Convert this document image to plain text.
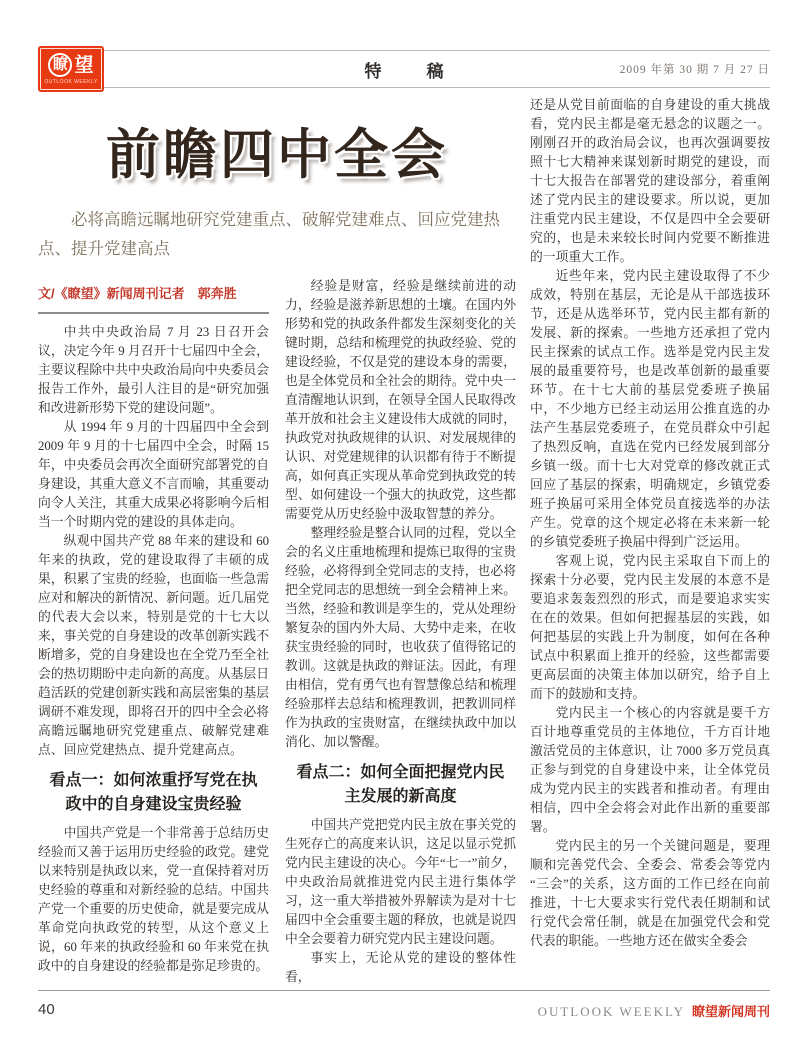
瞭 望
OUTLOOK WEEKLY
特　稿	2009 年第 30 期 7 月 27 日
前瞻四中全会

必将高瞻远瞩地研究党建重点、破解党建难点、回应党建热点、提升党建高点

文/《瞭望》新闻周刊记者　郭奔胜

中共中央政治局 7 月 23 日召开会议，决定今年 9 月召开十七届四中全会，主要议程除中共中央政治局向中央委员会报告工作外，最引人注目的是“研究加强和改进新形势下党的建设问题”。

从 1994 年 9 月的十四届四中全会到 2009 年 9 月的十七届四中全会，时隔 15 年，中央委员会再次全面研究部署党的自身建设，其重大意义不言而喻，其重要动向令人关注，其重大成果必将影响今后相当一个时期内党的建设的具体走向。

纵观中国共产党 88 年来的建设和 60 年来的执政，党的建设取得了丰硕的成果，积累了宝贵的经验，也面临一些急需应对和解决的新情况、新问题。近几届党的代表大会以来，特别是党的十七大以来，事关党的自身建设的改革创新实践不断增多，党的自身建设也在全党乃至全社会的热切期盼中走向新的高度。从基层日趋活跃的党建创新实践和高层密集的基层调研不难发现，即将召开的四中全会必将高瞻远瞩地研究党建重点、破解党建难点、回应党建热点、提升党建高点。

看点一：如何浓重抒写党在执政中的自身建设宝贵经验

中国共产党是一个非常善于总结历史经验而又善于运用历史经验的政党。建党以来特别是执政以来，党一直保持着对历史经验的尊重和对新经验的总结。中国共产党一个重要的历史使命，就是要完成从革命党向执政党的转型，从这个意义上说，60 年来的执政经验和 60 年来党在执政中的自身建设的经验都是弥足珍贵的。

经验是财富，经验是继续前进的动力，经验是滋养新思想的土壤。在国内外形势和党的执政条件都发生深刻变化的关键时期，总结和梳理党的执政经验、党的建设经验，不仅是党的建设本身的需要，也是全体党员和全社会的期待。党中央一直清醒地认识到，在领导全国人民取得改革开放和社会主义建设伟大成就的同时，执政党对执政规律的认识、对发展规律的认识、对党建规律的认识都有待于不断提高，如何真正实现从革命党到执政党的转型、如何建设一个强大的执政党，这些都需要党从历史经验中汲取智慧的养分。

整理经验是整合认同的过程，党以全会的名义庄重地梳理和提炼已取得的宝贵经验，必将得到全党同志的支持，也必将把全党同志的思想统一到全会精神上来。当然，经验和教训是孪生的，党从处理纷繁复杂的国内外大局、大势中走来，在收获宝贵经验的同时，也收获了值得铭记的教训。这就是执政的辩证法。因此，有理由相信，党有勇气也有智慧像总结和梳理经验那样去总结和梳理教训，把教训同样作为执政的宝贵财富，在继续执政中加以消化、加以警醒。

看点二：如何全面把握党内民主发展的新高度

中国共产党把党内民主放在事关党的生死存亡的高度来认识，这足以显示党抓党内民主建设的决心。今年“七一”前夕，中央政治局就推进党内民主进行集体学习，这一重大举措被外界解读为是对十七届四中全会重要主题的释放，也就是说四中全会要着力研究党内民主建设问题。

事实上，无论从党的建设的整体性看，

还是从党目前面临的自身建设的重大挑战看，党内民主都是毫无悬念的议题之一。刚刚召开的政治局会议，也再次强调要按照十七大精神来谋划新时期党的建设，而十七大报告在部署党的建设部分，着重阐述了党内民主的建设要求。所以说，更加注重党内民主建设，不仅是四中全会要研究的，也是未来较长时间内党要不断推进的一项重大工作。

近些年来，党内民主建设取得了不少成效，特别在基层，无论是从干部选拔环节，还是从选举环节，党内民主都有新的发展、新的探索。一些地方还承担了党内民主探索的试点工作。选举是党内民主发展的最重要符号，也是改革创新的最重要环节。在十七大前的基层党委班子换届中，不少地方已经主动运用公推直选的办法产生基层党委班子，在党员群众中引起了热烈反响，直选在党内已经发展到部分乡镇一级。而十七大对党章的修改就正式回应了基层的探索，明确规定，乡镇党委班子换届可采用全体党员直接选举的办法产生。党章的这个规定必将在未来新一轮的乡镇党委班子换届中得到广泛运用。

客观上说，党内民主采取自下而上的探索十分必要，党内民主发展的本意不是要追求轰轰烈烈的形式，而是要追求实实在在的效果。但如何把握基层的实践，如何把基层的实践上升为制度，如何在各种试点中积累面上推开的经验，这些都需要更高层面的决策主体加以研究，给予自上而下的鼓励和支持。

党内民主一个核心的内容就是要千方百计地尊重党员的主体地位，千方百计地激活党员的主体意识，让 7000 多万党员真正参与到党的自身建设中来，让全体党员成为党内民主的实践者和推动者。有理由相信，四中全会将会对此作出新的重要部署。

党内民主的另一个关键问题是，要理顺和完善党代会、全委会、常委会等党内“三会”的关系，这方面的工作已经在向前推进，十七大要求实行党代表任期制和试行党代会常任制，就是在加强党代会和党代表的职能。一些地方还在做实全委会

40	OUTLOOK WEEKLY 瞭望新闻周刊
